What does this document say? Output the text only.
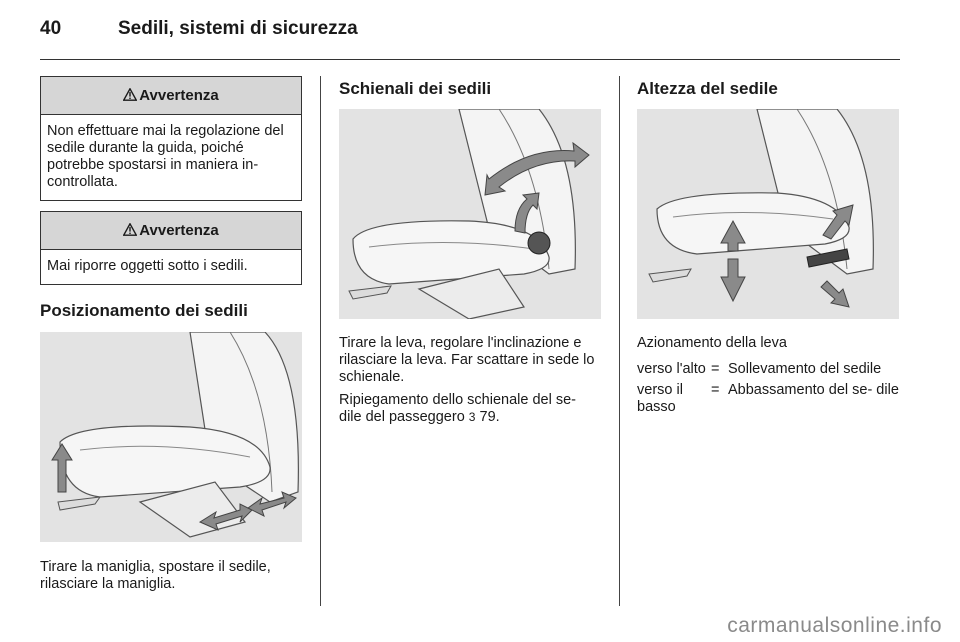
40	Sedili, sistemi di sicurezza
Avvertenza
Non effettuare mai la regolazione del sedile durante la guida, poiché potrebbe spostarsi in maniera in- controllata.
Avvertenza
Mai riporre oggetti sotto i sedili.
Posizionamento dei sedili

Tirare la maniglia, spostare il sedile, rilasciare la maniglia.

Schienali dei sedili

Tirare la leva, regolare l'inclinazione e rilasciare la leva. Far scattare in sede lo schienale.

Ripiegamento dello schienale del se- dile del passeggero 3 79.

Altezza del sedile

Azionamento della leva

verso l'alto	=	Sollevamento del sedile
verso il basso	=	Abbassamento del se- dile
carmanualsonline.info
